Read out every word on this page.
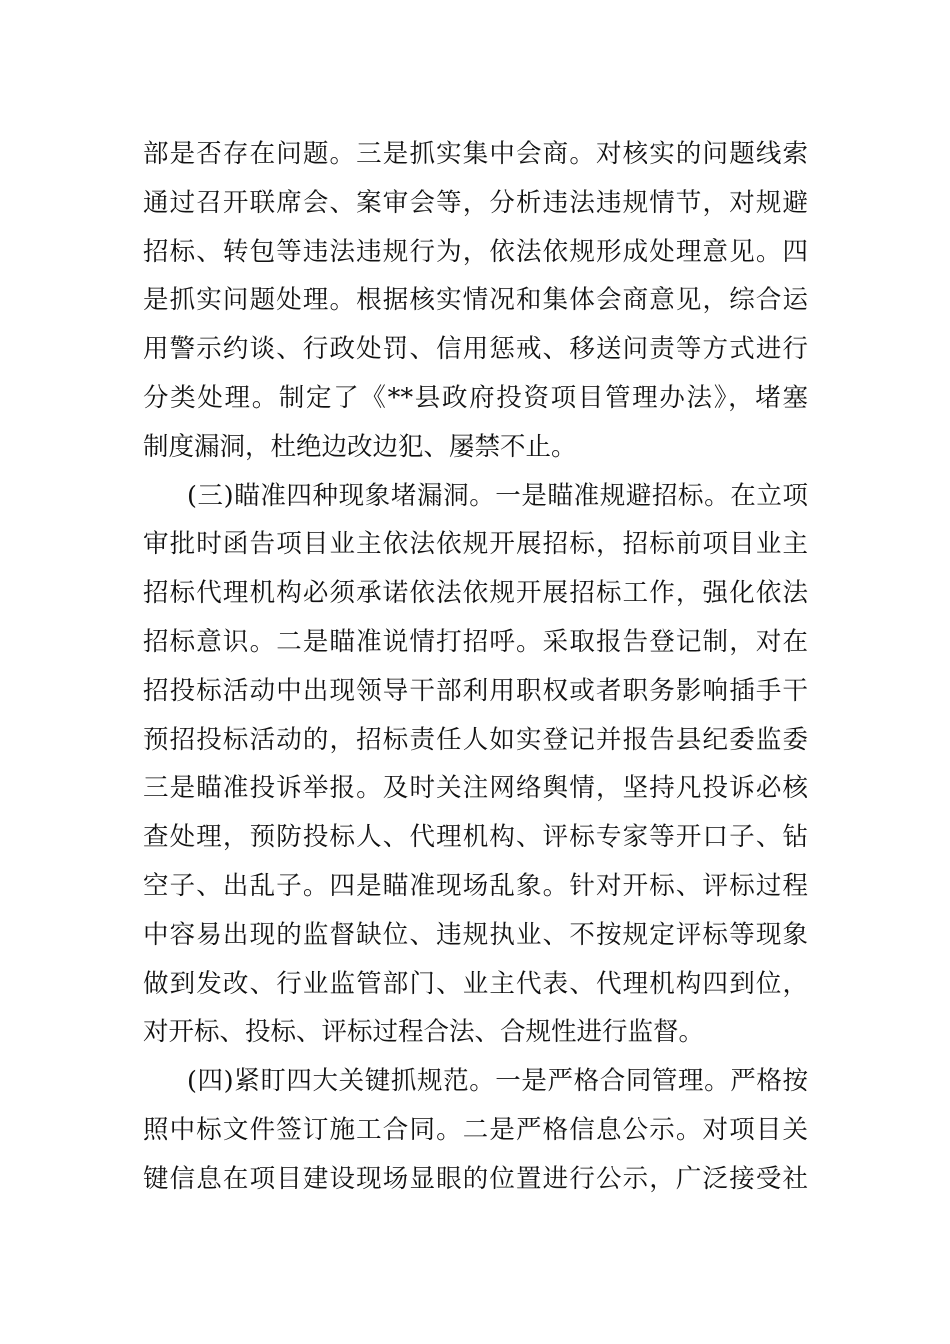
部是否存在问题。三是抓实集中会商。对核实的问题线索
通过召开联席会、案审会等，分析违法违规情节，对规避
招标、转包等违法违规行为，依法依规形成处理意见。四
是抓实问题处理。根据核实情况和集体会商意见，综合运
用警示约谈、行政处罚、信用惩戒、移送问责等方式进行
分类处理。制定了《**县政府投资项目管理办法》，堵塞
制度漏洞，杜绝边改边犯、屡禁不止。
(三)瞄准四种现象堵漏洞。一是瞄准规避招标。在立项
审批时函告项目业主依法依规开展招标，招标前项目业主
招标代理机构必须承诺依法依规开展招标工作，强化依法
招标意识。二是瞄准说情打招呼。采取报告登记制，对在
招投标活动中出现领导干部利用职权或者职务影响插手干
预招投标活动的，招标责任人如实登记并报告县纪委监委
三是瞄准投诉举报。及时关注网络舆情，坚持凡投诉必核
查处理，预防投标人、代理机构、评标专家等开口子、钻
空子、出乱子。四是瞄准现场乱象。针对开标、评标过程
中容易出现的监督缺位、违规执业、不按规定评标等现象
做到发改、行业监管部门、业主代表、代理机构四到位，
对开标、投标、评标过程合法、合规性进行监督。
(四)紧盯四大关键抓规范。一是严格合同管理。严格按
照中标文件签订施工合同。二是严格信息公示。对项目关
键信息在项目建设现场显眼的位置进行公示，广泛接受社
